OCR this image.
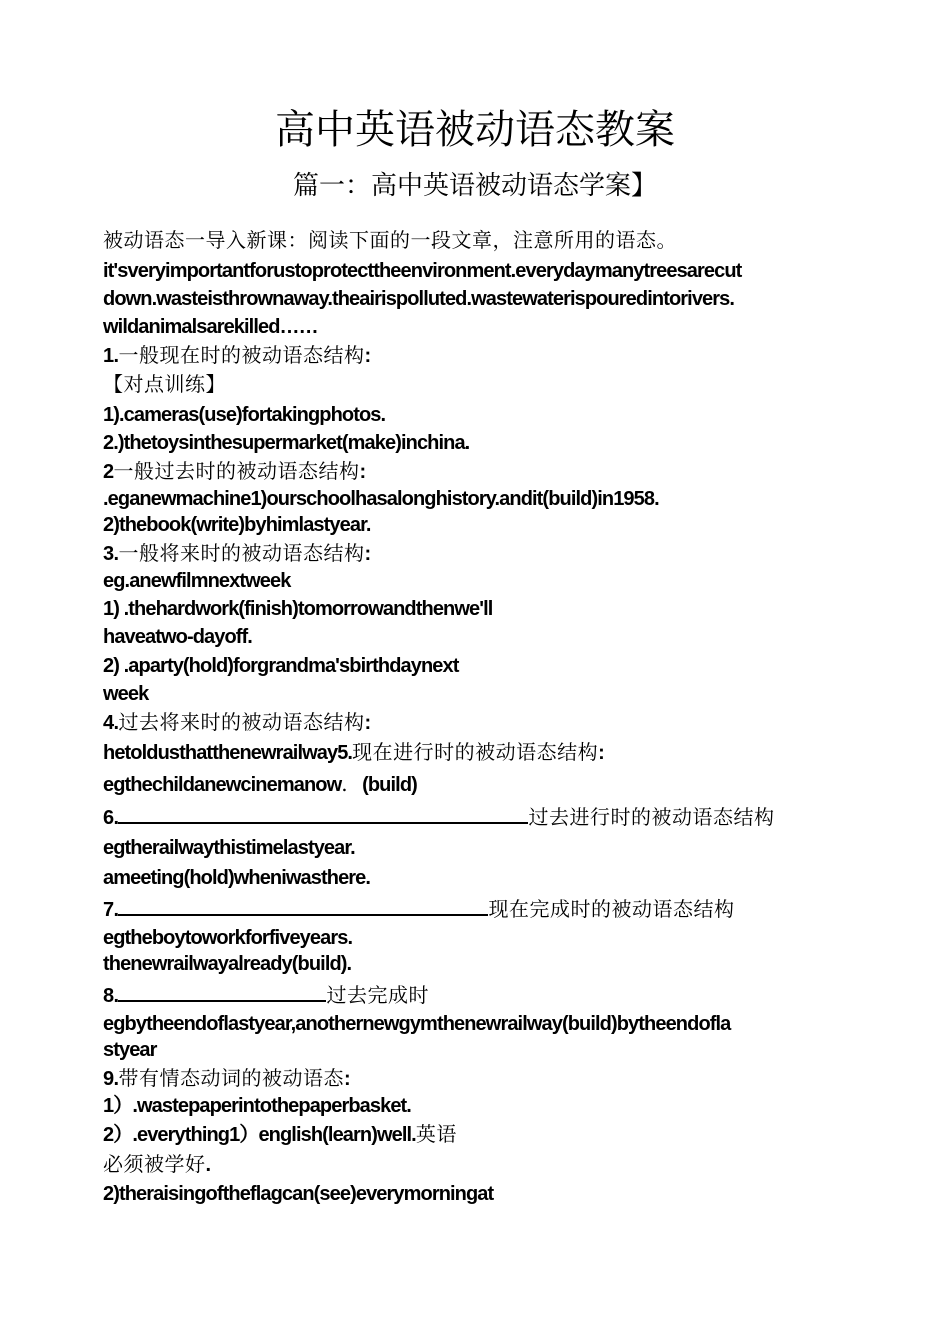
高中英语被动语态教案
篇一：高中英语被动语态学案】
被动语态一导入新课：阅读下面的一段文章，注意所用的语态。
it'sveryimportantforustoprotecttheenvironment.everydaymanytreesarecut
down.wasteisthrownaway.theairispolluted.wastewaterispouredintorivers.
wildanimalsarekilled……
1.一般现在时的被动语态结构:
【对点训练】
1).cameras(use)fortakingphotos.
2.)thetoysinthesupermarket(make)inchina.
2一般过去时的被动语态结构:
.eganewmachine1)ourschoolhasalonghistory.andit(build)in1958.
2)thebook(write)byhimlastyear.
3.一般将来时的被动语态结构:
eg.anewfilmnextweek
1) .thehardwork(finish)tomorrowandthenwe'll
haveatwo-dayoff.
2) .aparty(hold)forgrandma'sbirthdaynext
week
4.过去将来时的被动语态结构:
hetoldusthatthenewrailway5.现在进行时的被动语态结构:
egthechildanewcinemanow. (build)
6.	过去进行时的被动语态结构
egtherailwaythistimelastyear.
ameeting(hold)wheniwasthere.
7.	现在完成时的被动语态结构
egtheboytoworkforfiveyears.
thenewrailwayalready(build).
8.	过去完成时
egbytheendoflastyear,anothernewgymthenewrailway(build)bytheendofla
styear
9.带有情态动词的被动语态:
1）.wastepaperintothepaperbasket.
2）.everything1）english(learn)well.英语
必须被学好.
2)theraisingoftheflagcan(see)everymorningat
